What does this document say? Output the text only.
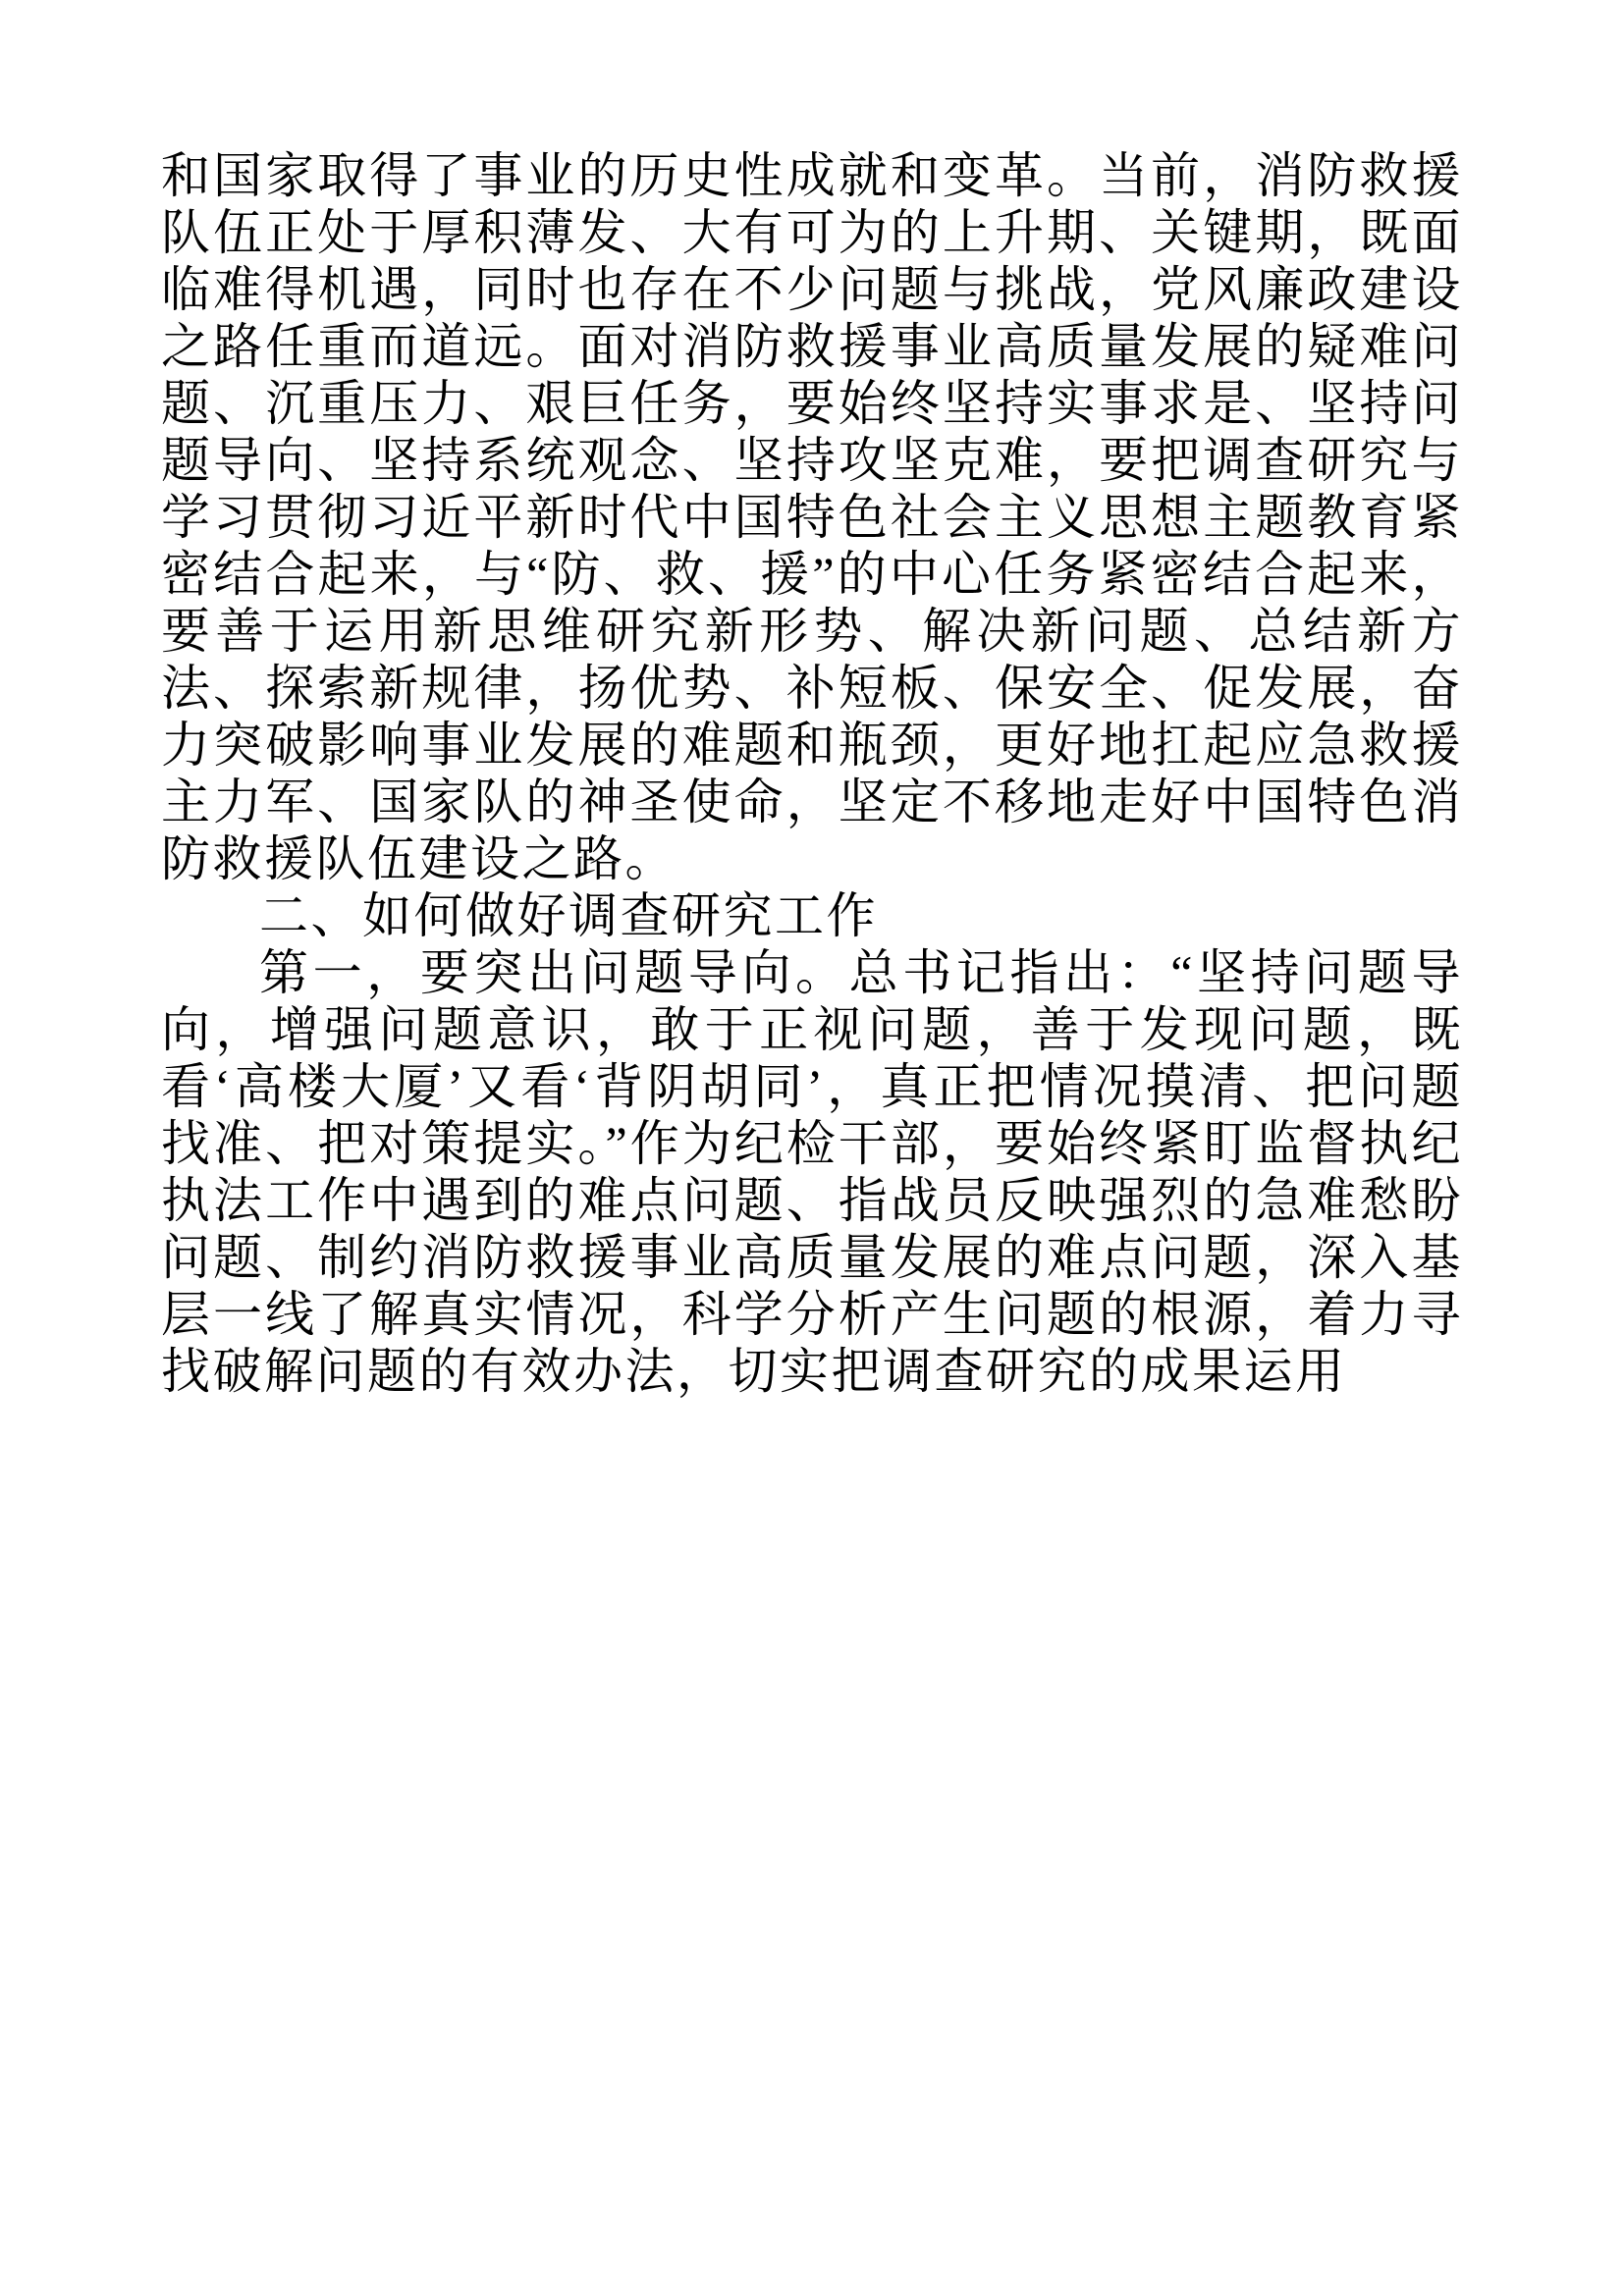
和国家取得了事业的历史性成就和变革。当前，消防救援队伍正处于厚积薄发、大有可为的上升期、关键期，既面临难得机遇，同时也存在不少问题与挑战，党风廉政建设之路任重而道远。面对消防救援事业高质量发展的疑难问题、沉重压力、艰巨任务，要始终坚持实事求是、坚持问题导向、坚持系统观念、坚持攻坚克难，要把调查研究与学习贯彻习近平新时代中国特色社会主义思想主题教育紧密结合起来，与“防、救、援”的中心任务紧密结合起来，要善于运用新思维研究新形势、解决新问题、总结新方法、探索新规律，扬优势、补短板、保安全、促发展，奋力突破影响事业发展的难题和瓶颈，更好地扛起应急救援主力军、国家队的神圣使命，坚定不移地走好中国特色消防救援队伍建设之路。

二、如何做好调查研究工作

第一，要突出问题导向。总书记指出：“坚持问题导向，增强问题意识，敢于正视问题，善于发现问题，既看‘高楼大厦’又看‘背阴胡同’，真正把情况摸清、把问题找准、把对策提实。”作为纪检干部，要始终紧盯监督执纪执法工作中遇到的难点问题、指战员反映强烈的急难愁盼问题、制约消防救援事业高质量发展的难点问题，深入基层一线了解真实情况，科学分析产生问题的根源，着力寻找破解问题的有效办法，切实把调查研究的成果运用
